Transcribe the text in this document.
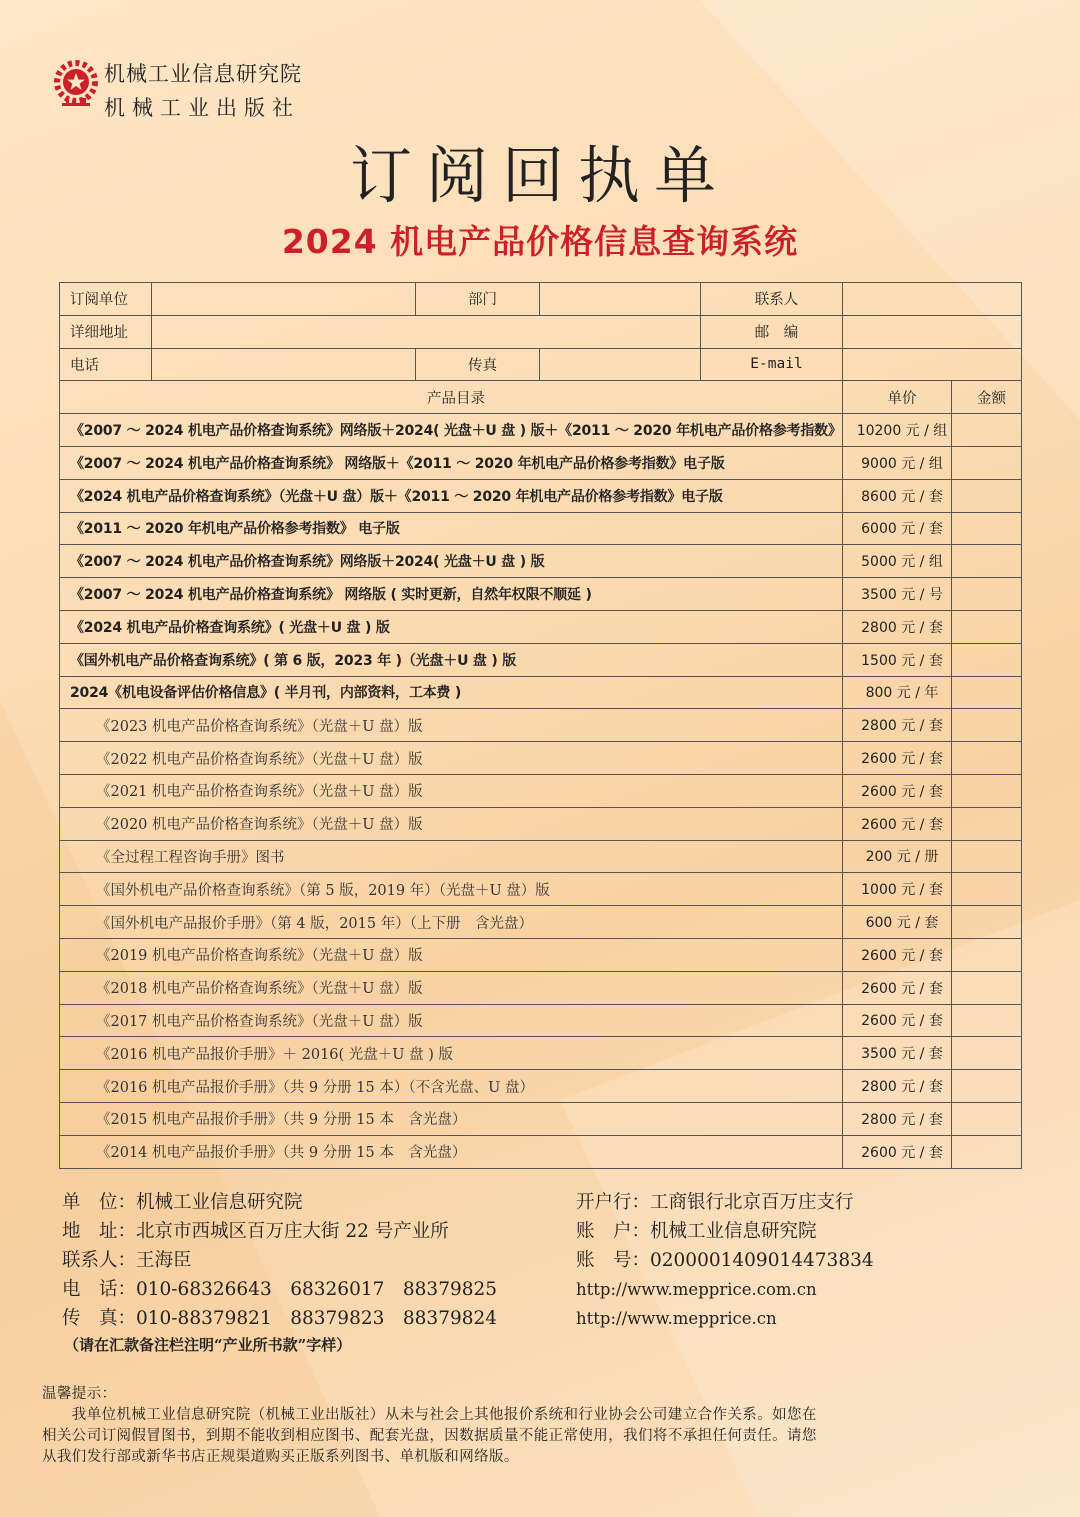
机械工业信息研究院
机械工业出版社
订阅回执单
2024 机电产品价格信息查询系统
订阅单位		部门		联系人		
详细地址				邮　编		
电话		传真		E-mail		
产品目录					单价	金额
《2007 ～ 2024 机电产品价格查询系统》网络版＋2024( 光盘＋U 盘 ) 版＋《2011 ～ 2020 年机电产品价格参考指数》					10200 元 / 组	
《2007 ～ 2024 机电产品价格查询系统》 网络版＋《2011 ～ 2020 年机电产品价格参考指数》电子版					9000 元 / 组	
《2024 机电产品价格查询系统》（光盘＋U 盘）版＋《2011 ～ 2020 年机电产品价格参考指数》电子版					8600 元 / 套	
《2011 ～ 2020 年机电产品价格参考指数》 电子版					6000 元 / 套	
《2007 ～ 2024 机电产品价格查询系统》网络版＋2024( 光盘＋U 盘 ) 版					5000 元 / 组	
《2007 ～ 2024 机电产品价格查询系统》 网络版 ( 实时更新，自然年权限不顺延 )					3500 元 / 号	
《2024 机电产品价格查询系统》( 光盘＋U 盘 ) 版					2800 元 / 套	
《国外机电产品价格查询系统》( 第 6 版，2023 年 )（光盘＋U 盘 ) 版					1500 元 / 套	
2024《机电设备评估价格信息》( 半月刊，内部资料，工本费 )					800 元 / 年	
《2023 机电产品价格查询系统》（光盘＋U 盘）版					2800 元 / 套	
《2022 机电产品价格查询系统》（光盘＋U 盘）版					2600 元 / 套	
《2021 机电产品价格查询系统》（光盘＋U 盘）版					2600 元 / 套	
《2020 机电产品价格查询系统》（光盘＋U 盘）版					2600 元 / 套	
《全过程工程咨询手册》图书					200 元 / 册	
《国外机电产品价格查询系统》（第 5 版，2019 年）（光盘＋U 盘）版					1000 元 / 套	
《国外机电产品报价手册》（第 4 版，2015 年）（上下册　含光盘）					600 元 / 套	
《2019 机电产品价格查询系统》（光盘＋U 盘）版					2600 元 / 套	
《2018 机电产品价格查询系统》（光盘＋U 盘）版					2600 元 / 套	
《2017 机电产品价格查询系统》（光盘＋U 盘）版					2600 元 / 套	
《2016 机电产品报价手册》＋ 2016( 光盘＋U 盘 ) 版					3500 元 / 套	
《2016 机电产品报价手册》（共 9 分册 15 本）（不含光盘、U 盘）					2800 元 / 套	
《2015 机电产品报价手册》（共 9 分册 15 本　含光盘）					2800 元 / 套	
《2014 机电产品报价手册》（共 9 分册 15 本　含光盘）					2600 元 / 套	
单　位：机械工业信息研究院
地　址：北京市西城区百万庄大街 22 号产业所
联系人：王海臣
电　话：010-68326643　68326017　88379825
传　真：010-88379821　88379823　88379824
开户行：工商银行北京百万庄支行
账　户：机械工业信息研究院
账　号：0200001409014473834
http://www.mepprice.com.cn
http://www.mepprice.cn
（请在汇款备注栏注明“产业所书款”字样）

温馨提示：

　　我单位机械工业信息研究院（机械工业出版社）从未与社会上其他报价系统和行业协会公司建立合作关系。如您在

相关公司订阅假冒图书，到期不能收到相应图书、配套光盘，因数据质量不能正常使用，我们将不承担任何责任。请您

从我们发行部或新华书店正规渠道购买正版系列图书、单机版和网络版。
